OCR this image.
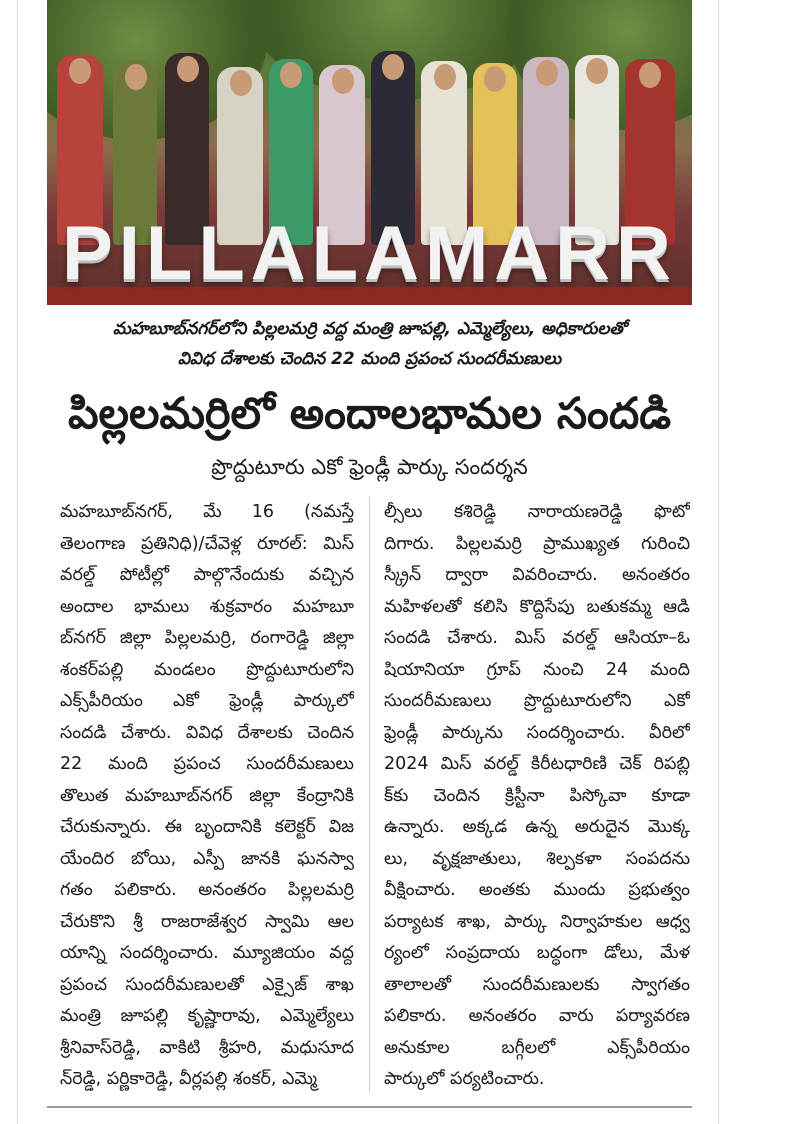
PILLALAMARR
మహబూబ్‌నగర్‌లోని పిల్లలమర్రి వద్ద మంత్రి జూపల్లి, ఎమ్మెల్యేలు, అధికారులతో
వివిధ దేశాలకు చెందిన 22 మంది ప్రపంచ సుందరీమణులు
పిల్లలమర్రిలో అందాలభామల సందడి
ప్రొద్దుటూరు ఎకో ఫ్రెండ్లీ పార్కు సందర్శన
మహబూబ్‌నగర్, మే 16 (నమస్తే
తెలంగాణ ప్రతినిధి)/చేవెళ్ల రూరల్: మిస్
వరల్డ్ పోటీల్లో పాల్గొనేందుకు వచ్చిన
అందాల భామలు శుక్రవారం మహబూ
బ్‌నగర్ జిల్లా పిల్లలమర్రి, రంగారెడ్డి జిల్లా
శంకర్‌పల్లి మండలం ప్రొద్దుటూరులోని
ఎక్స్‌పీరియం ఎకో ఫ్రెండ్లీ పార్కులో
సందడి చేశారు. వివిధ దేశాలకు చెందిన
22 మంది ప్రపంచ సుందరీమణులు
తొలుత మహబూబ్‌నగర్ జిల్లా కేంద్రానికి
చేరుకున్నారు. ఈ బృందానికి కలెక్టర్ విజ
యేందిర బోయి, ఎస్పీ జానకి ఘనస్వా
గతం పలికారు. అనంతరం పిల్లలమర్రి
చేరుకొని శ్రీ రాజరాజేశ్వర స్వామి ఆల
యాన్ని సందర్శించారు. మ్యూజియం వద్ద
ప్రపంచ సుందరీమణులతో ఎక్సైజ్ శాఖ
మంత్రి జూపల్లి కృష్ణారావు, ఎమ్మెల్యేలు
శ్రీనివాస్‌రెడ్డి, వాకిటి శ్రీహరి, మధుసూద
న్‌రెడ్డి, పర్ణికారెడ్డి, వీర్లపల్లి శంకర్, ఎమ్మె
ల్సీలు కశిరెడ్డి నారాయణరెడ్డి ఫొటో
దిగారు. పిల్లలమర్రి ప్రాముఖ్యత గురించి
స్క్రీన్ ద్వారా వివరించారు. అనంతరం
మహిళలతో కలిసి కొద్దిసేపు బతుకమ్మ ఆడి
సందడి చేశారు. మిస్ వరల్డ్ ఆసియా–ఓ
షియానియా గ్రూప్ నుంచి 24 మంది
సుందరీమణులు ప్రొద్దుటూరులోని ఎకో
ఫ్రెండ్లీ పార్కును సందర్శించారు. వీరిలో
2024 మిస్ వరల్డ్ కిరీటధారిణి చెక్ రిపబ్లి
క్‌కు చెందిన క్రిస్టీనా పిస్కోవా కూడా
ఉన్నారు. అక్కడ ఉన్న అరుదైన మొక్క
లు, వృక్షజాతులు, శిల్పకళా సంపదను
వీక్షించారు. అంతకు ముందు ప్రభుత్వం
పర్యాటక శాఖ, పార్కు నిర్వాహకుల ఆధ్వ
ర్యంలో సంప్రదాయ బద్ధంగా డోలు, మేళ
తాలాలతో సుందరీమణులకు స్వాగతం
పలికారు. అనంతరం వారు పర్యావరణ
అనుకూల బగ్గీలలో ఎక్స్‌పీరియం
పార్కులో పర్యటించారు.
